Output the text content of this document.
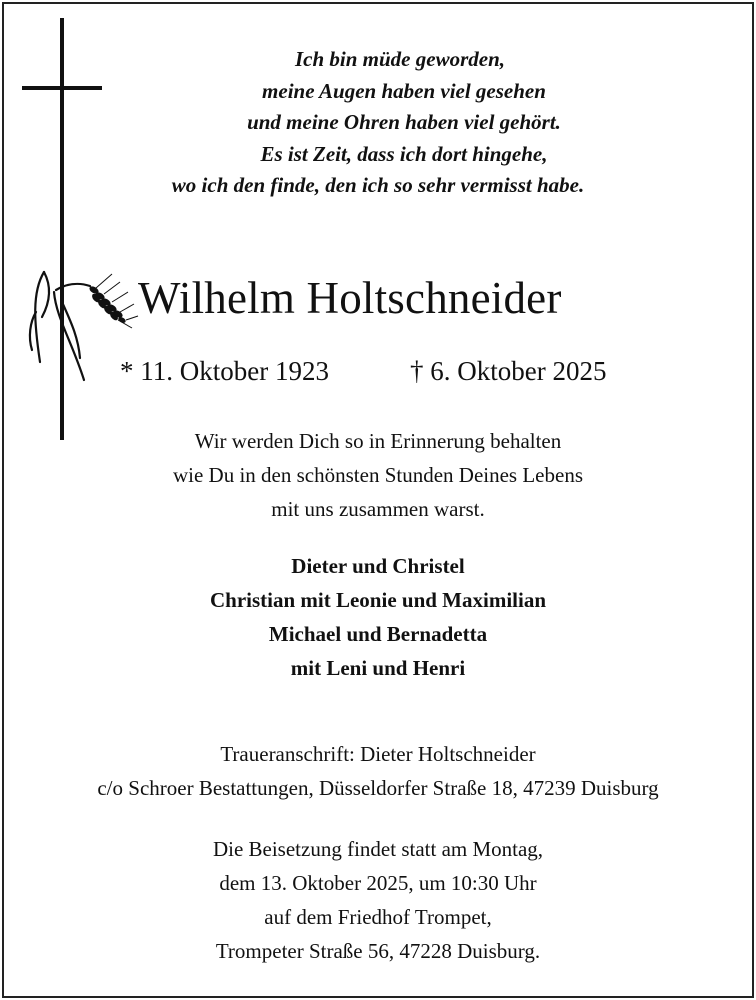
Ich bin müde geworden,
meine Augen haben viel gesehen
und meine Ohren haben viel gehört.
Es ist Zeit, dass ich dort hingehe,
wo ich den finde, den ich so sehr vermisst habe.
Wilhelm Holtschneider
* 11. Oktober 1923	† 6. Oktober 2025
Wir werden Dich so in Erinnerung behalten
wie Du in den schönsten Stunden Deines Lebens
mit uns zusammen warst.
Dieter und Christel
Christian mit Leonie und Maximilian
Michael und Bernadetta
mit Leni und Henri
Traueranschrift: Dieter Holtschneider
c/o Schroer Bestattungen, Düsseldorfer Straße 18, 47239 Duisburg
Die Beisetzung findet statt am Montag,
dem 13. Oktober 2025, um 10:30 Uhr
auf dem Friedhof Trompet,
Trompeter Straße 56, 47228 Duisburg.
